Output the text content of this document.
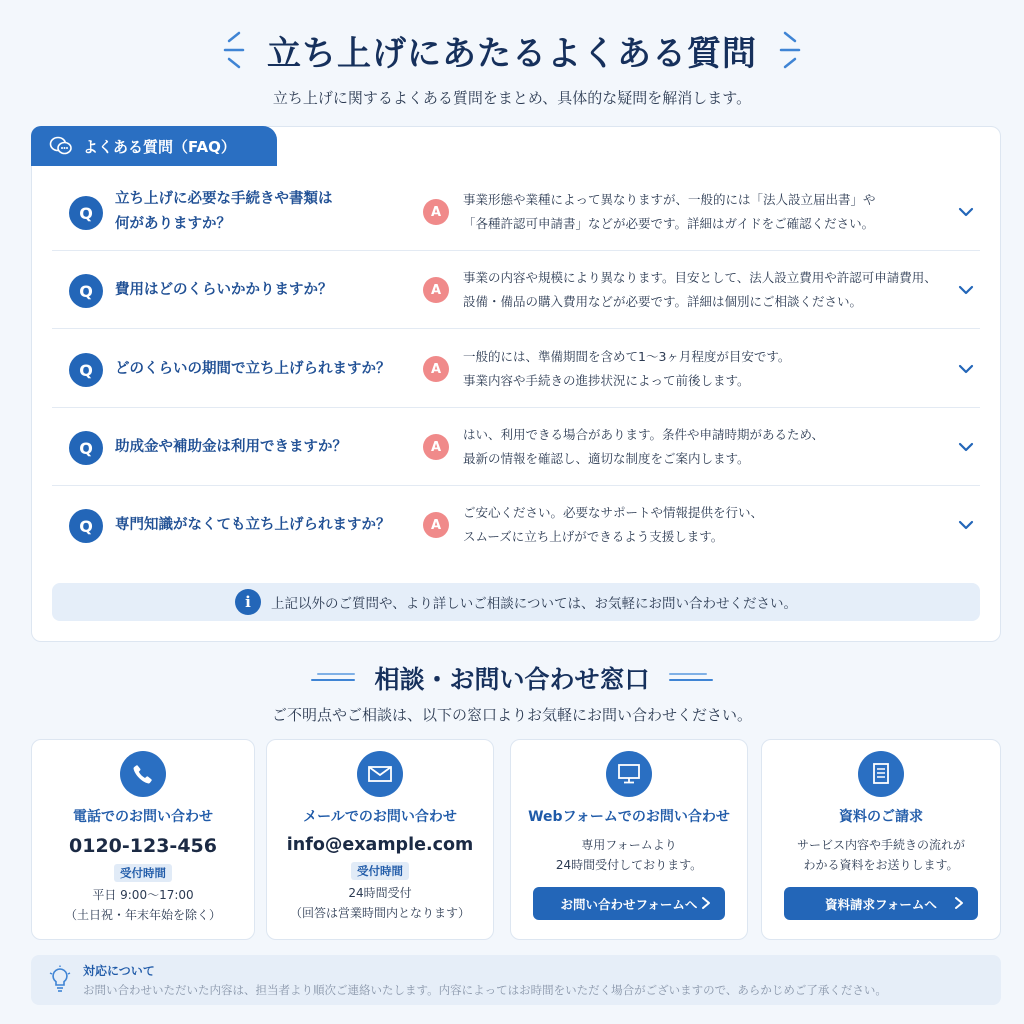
立ち上げにあたるよくある質問
立ち上げに関するよくある質問をまとめ、具体的な疑問を解消します。
よくある質問（FAQ）
Q
立ち上げに必要な手続きや書類は
何がありますか？
A
事業形態や業種によって異なりますが、一般的には「法人設立届出書」や
「各種許認可申請書」などが必要です。詳細はガイドをご確認ください。
Q	費用はどのくらいかかりますか？	A
事業の内容や規模により異なります。目安として、法人設立費用や許認可申請費用、
設備・備品の購入費用などが必要です。詳細は個別にご相談ください。
Q	どのくらいの期間で立ち上げられますか？	A
一般的には、準備期間を含めて1〜3ヶ月程度が目安です。
事業内容や手続きの進捗状況によって前後します。
Q	助成金や補助金は利用できますか？	A
はい、利用できる場合があります。条件や申請時期があるため、
最新の情報を確認し、適切な制度をご案内します。
Q	専門知識がなくても立ち上げられますか？	A
ご安心ください。必要なサポートや情報提供を行い、
スムーズに立ち上げができるよう支援します。
i	上記以外のご質問や、より詳しいご相談については、お気軽にお問い合わせください。
相談・お問い合わせ窓口
ご不明点やご相談は、以下の窓口よりお気軽にお問い合わせください。
電話でのお問い合わせ
0120-123-456
受付時間
平日 9:00〜17:00
（土日祝・年末年始を除く）
メールでのお問い合わせ
info@example.com
受付時間
24時間受付
（回答は営業時間内となります）
Webフォームでのお問い合わせ
専用フォームより
24時間受付しております。
お問い合わせフォームへ
資料のご請求
サービス内容や手続きの流れが
わかる資料をお送りします。
資料請求フォームへ
対応について
お問い合わせいただいた内容は、担当者より順次ご連絡いたします。内容によってはお時間をいただく場合がございますので、あらかじめご了承ください。
